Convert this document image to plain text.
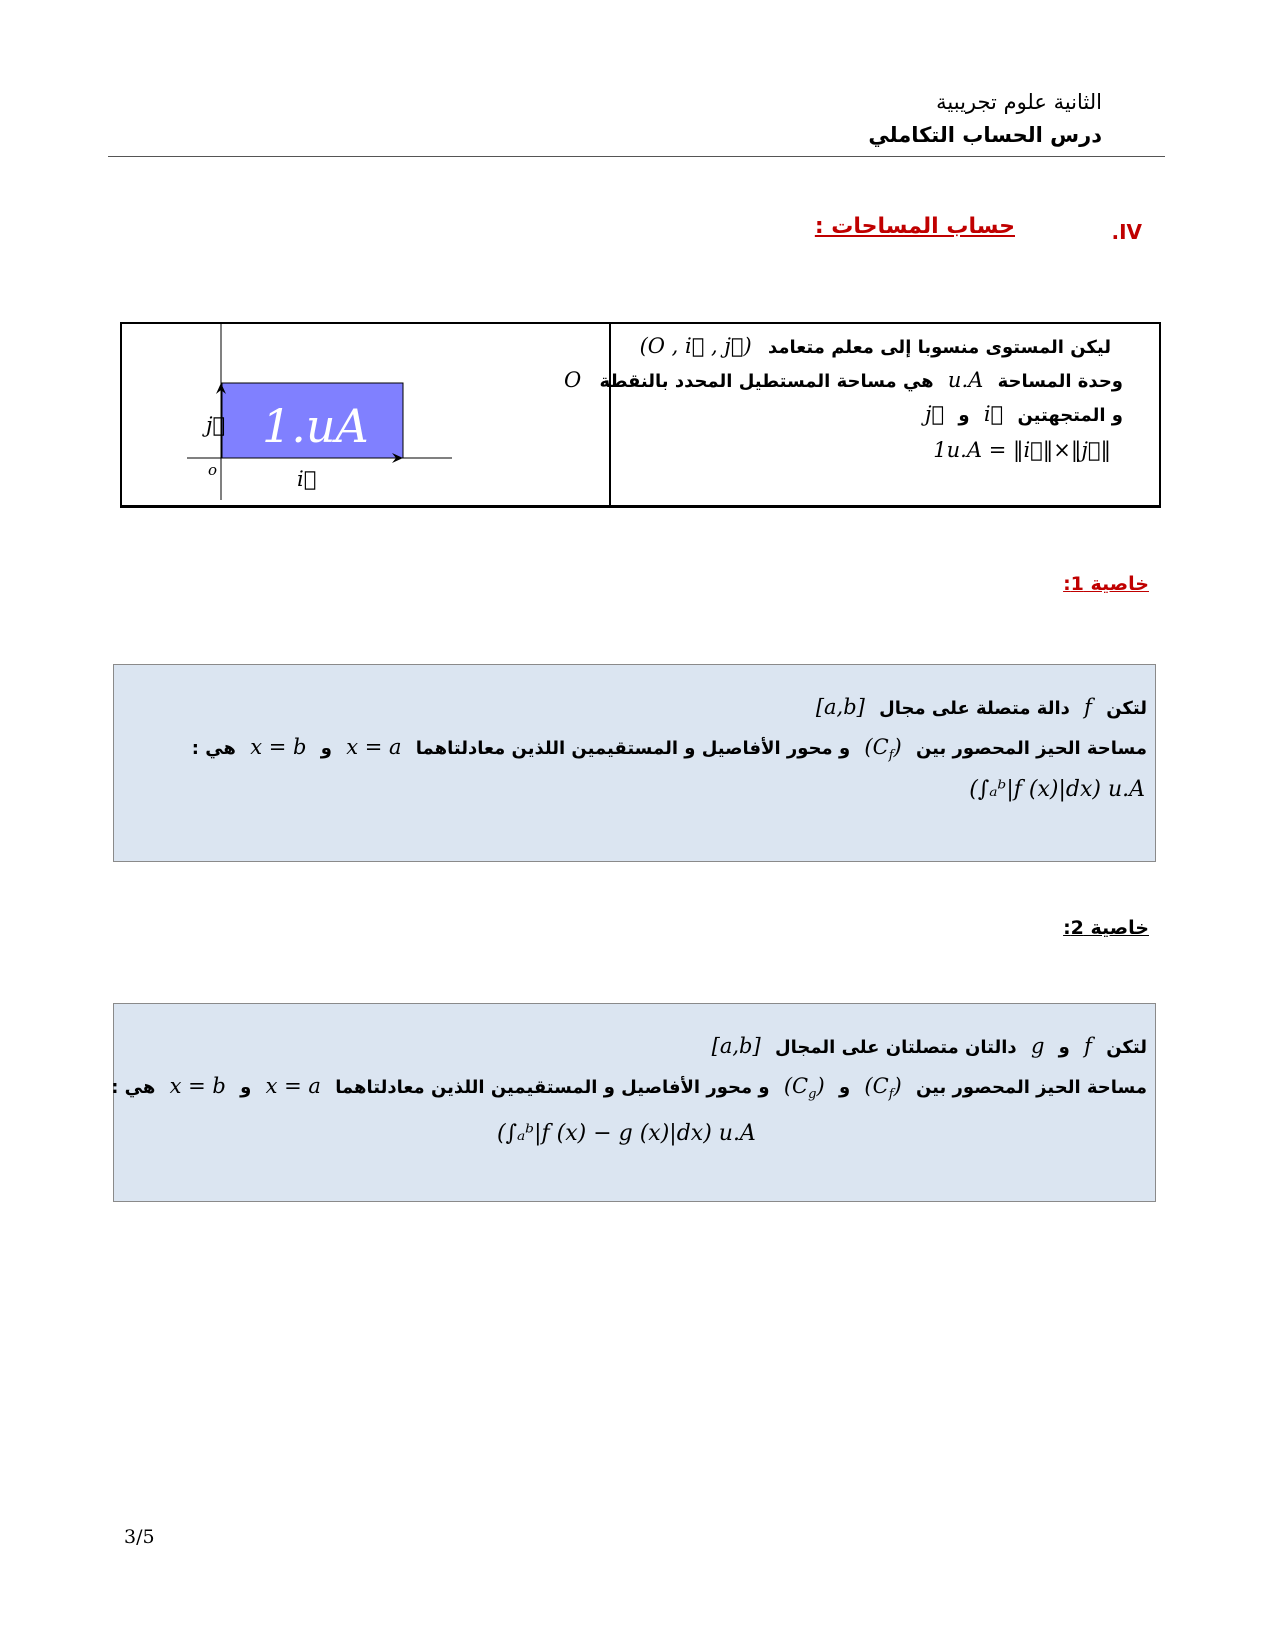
الثانية علوم تجريبية
درس الحساب التكاملي
.IV
حساب المساحات :
1.uA
j⃗
i⃗
o
ليكن المستوى منسوبا إلى معلم متعامد (O , i⃗ , j⃗)
وحدة المساحة u.A هي مساحة المستطيل المحدد بالنقطة O
و المتجهتين i⃗ و j⃗
1u.A = ‖i⃗‖×‖j⃗‖
خاصية 1:
لتكن f دالة متصلة على مجال [a,b]
مساحة الحيز المحصور بين $(C_f)$ و محور الأفاصيل و المستقيمين اللذين معادلتاهما x = a و x = b هي :
(∫ₐᵇ|f (x)|dx) u.A
خاصية 2:
لتكن f و g دالتان متصلتان على المجال [a,b]
مساحة الحيز المحصور بين $(C_f)$ و $(C_g)$ و محور الأفاصيل و المستقيمين اللذين معادلتاهما x = a و x = b هي :
(∫ₐᵇ|f (x) − g (x)|dx) u.A
3/5
